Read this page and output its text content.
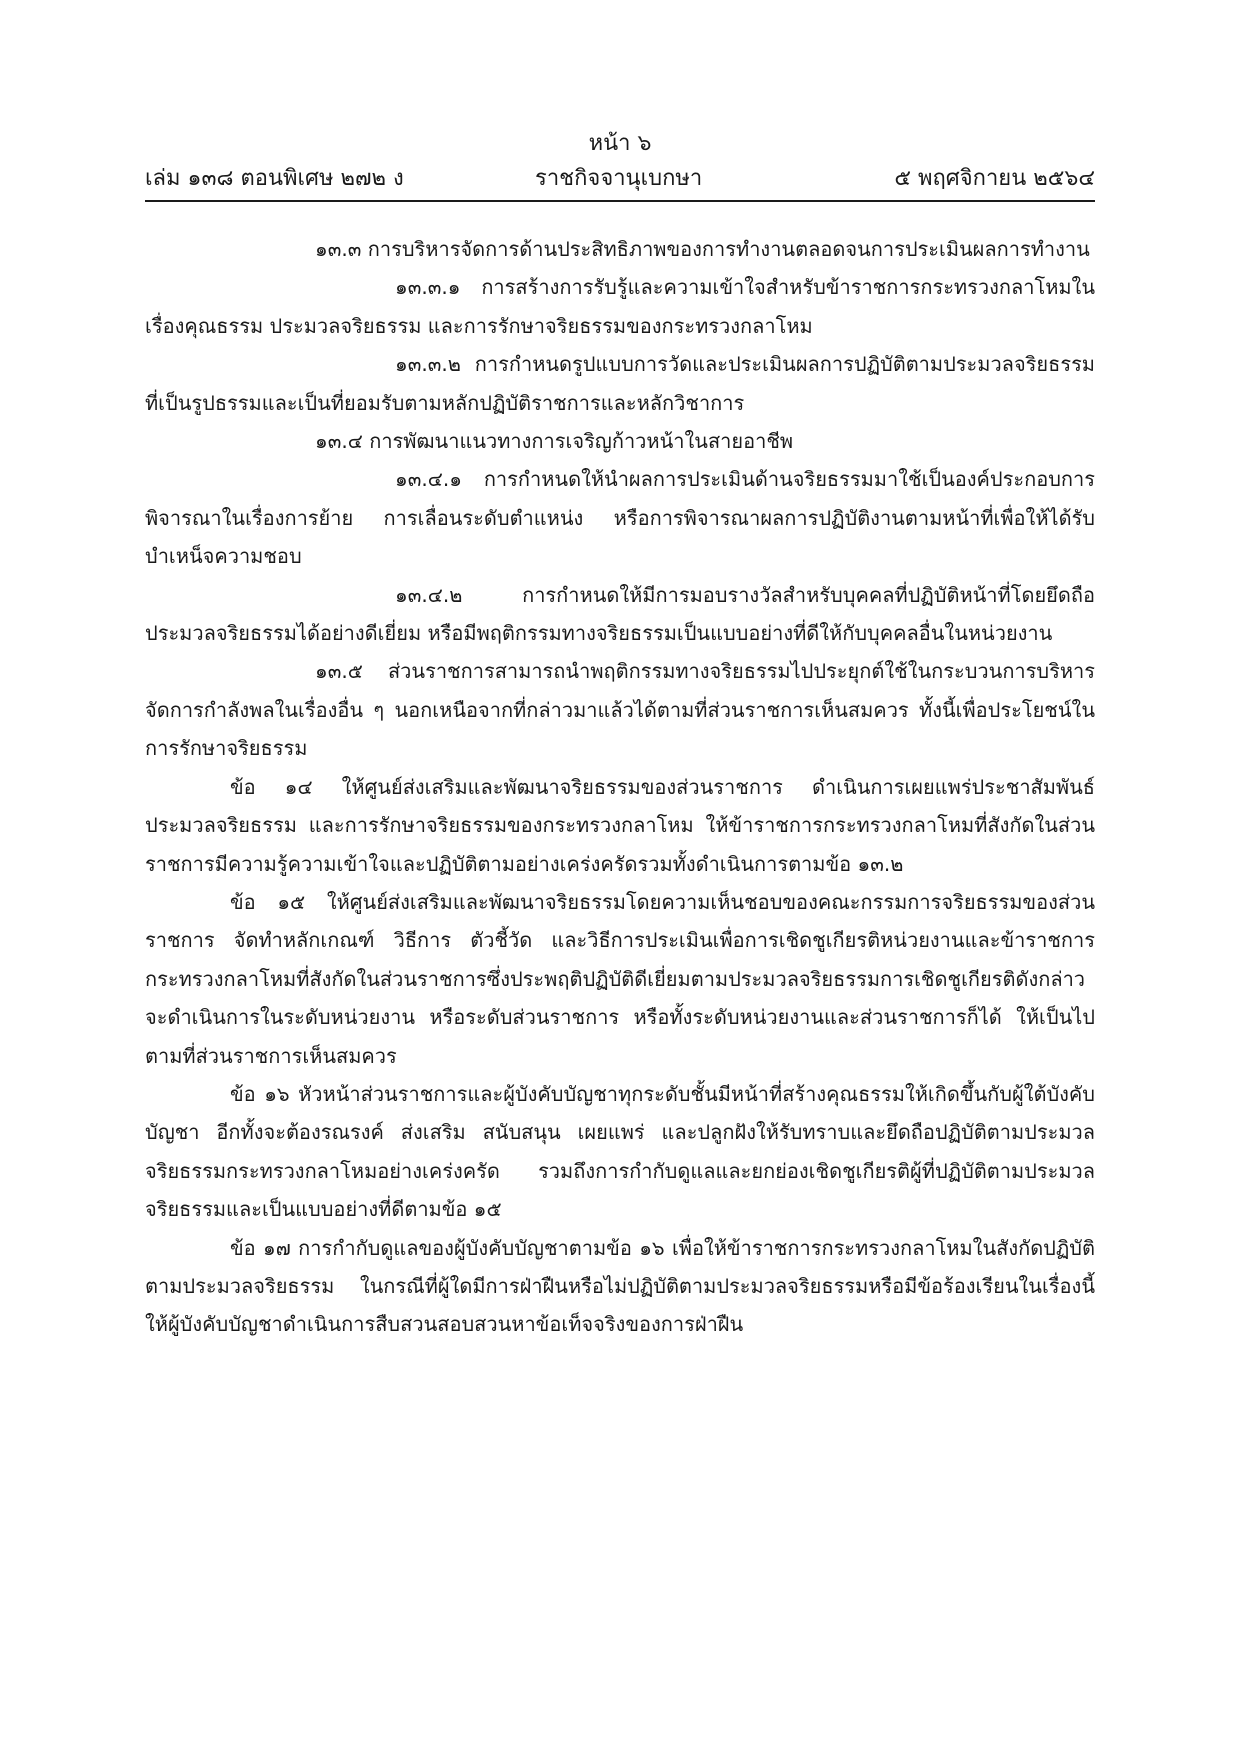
หน้า ๖
เล่ม ๑๓๘ ตอนพิเศษ ๒๗๒ ง	ราชกิจจานุเบกษา	๕ พฤศจิกายน ๒๕๖๔

๑๓.๓ การบริหารจัดการด้านประสิทธิภาพของการทำงานตลอดจนการประเมินผลการทำงาน

๑๓.๓.๑ การสร้างการรับรู้และความเข้าใจสำหรับข้าราชการกระทรวงกลาโหมในเรื่องคุณธรรม ประมวลจริยธรรม และการรักษาจริยธรรมของกระทรวงกลาโหม

๑๓.๓.๒ การกำหนดรูปแบบการวัดและประเมินผลการปฏิบัติตามประมวลจริยธรรม ที่เป็นรูปธรรมและเป็นที่ยอมรับตามหลักปฏิบัติราชการและหลักวิชาการ

๑๓.๔ การพัฒนาแนวทางการเจริญก้าวหน้าในสายอาชีพ

๑๓.๔.๑ การกำหนดให้นำผลการประเมินด้านจริยธรรมมาใช้เป็นองค์ประกอบการพิจารณาในเรื่องการย้าย การเลื่อนระดับตำแหน่ง หรือการพิจารณาผลการปฏิบัติงานตามหน้าที่เพื่อให้ได้รับบำเหน็จความชอบ

๑๓.๔.๒ การกำหนดให้มีการมอบรางวัลสำหรับบุคคลที่ปฏิบัติหน้าที่โดยยึดถือประมวลจริยธรรมได้อย่างดีเยี่ยม หรือมีพฤติกรรมทางจริยธรรมเป็นแบบอย่างที่ดีให้กับบุคคลอื่นในหน่วยงาน

๑๓.๕ ส่วนราชการสามารถนำพฤติกรรมทางจริยธรรมไปประยุกต์ใช้ในกระบวนการบริหารจัดการกำลังพลในเรื่องอื่น ๆ นอกเหนือจากที่กล่าวมาแล้วได้ตามที่ส่วนราชการเห็นสมควร ทั้งนี้เพื่อประโยชน์ในการรักษาจริยธรรม

ข้อ ๑๔ ให้ศูนย์ส่งเสริมและพัฒนาจริยธรรมของส่วนราชการ ดำเนินการเผยแพร่ประชาสัมพันธ์ประมวลจริยธรรม และการรักษาจริยธรรมของกระทรวงกลาโหม ให้ข้าราชการกระทรวงกลาโหมที่สังกัดในส่วนราชการมีความรู้ความเข้าใจและปฏิบัติตามอย่างเคร่งครัดรวมทั้งดำเนินการตามข้อ ๑๓.๒

ข้อ ๑๕ ให้ศูนย์ส่งเสริมและพัฒนาจริยธรรมโดยความเห็นชอบของคณะกรรมการจริยธรรมของส่วนราชการ จัดทำหลักเกณฑ์ วิธีการ ตัวชี้วัด และวิธีการประเมินเพื่อการเชิดชูเกียรติหน่วยงานและข้าราชการกระทรวงกลาโหมที่สังกัดในส่วนราชการซึ่งประพฤติปฏิบัติดีเยี่ยมตามประมวลจริยธรรมการเชิดชูเกียรติดังกล่าวจะดำเนินการในระดับหน่วยงาน หรือระดับส่วนราชการ หรือทั้งระดับหน่วยงานและส่วนราชการก็ได้ ให้เป็นไปตามที่ส่วนราชการเห็นสมควร

ข้อ ๑๖ หัวหน้าส่วนราชการและผู้บังคับบัญชาทุกระดับชั้นมีหน้าที่สร้างคุณธรรมให้เกิดขึ้นกับผู้ใต้บังคับบัญชา อีกทั้งจะต้องรณรงค์ ส่งเสริม สนับสนุน เผยแพร่ และปลูกฝังให้รับทราบและยึดถือปฏิบัติตามประมวลจริยธรรมกระทรวงกลาโหมอย่างเคร่งครัด รวมถึงการกำกับดูแลและยกย่องเชิดชูเกียรติผู้ที่ปฏิบัติตามประมวลจริยธรรมและเป็นแบบอย่างที่ดีตามข้อ ๑๕

ข้อ ๑๗ การกำกับดูแลของผู้บังคับบัญชาตามข้อ ๑๖ เพื่อให้ข้าราชการกระทรวงกลาโหมในสังกัดปฏิบัติตามประมวลจริยธรรม ในกรณีที่ผู้ใดมีการฝ่าฝืนหรือไม่ปฏิบัติตามประมวลจริยธรรมหรือมีข้อร้องเรียนในเรื่องนี้ ให้ผู้บังคับบัญชาดำเนินการสืบสวนสอบสวนหาข้อเท็จจริงของการฝ่าฝืน
